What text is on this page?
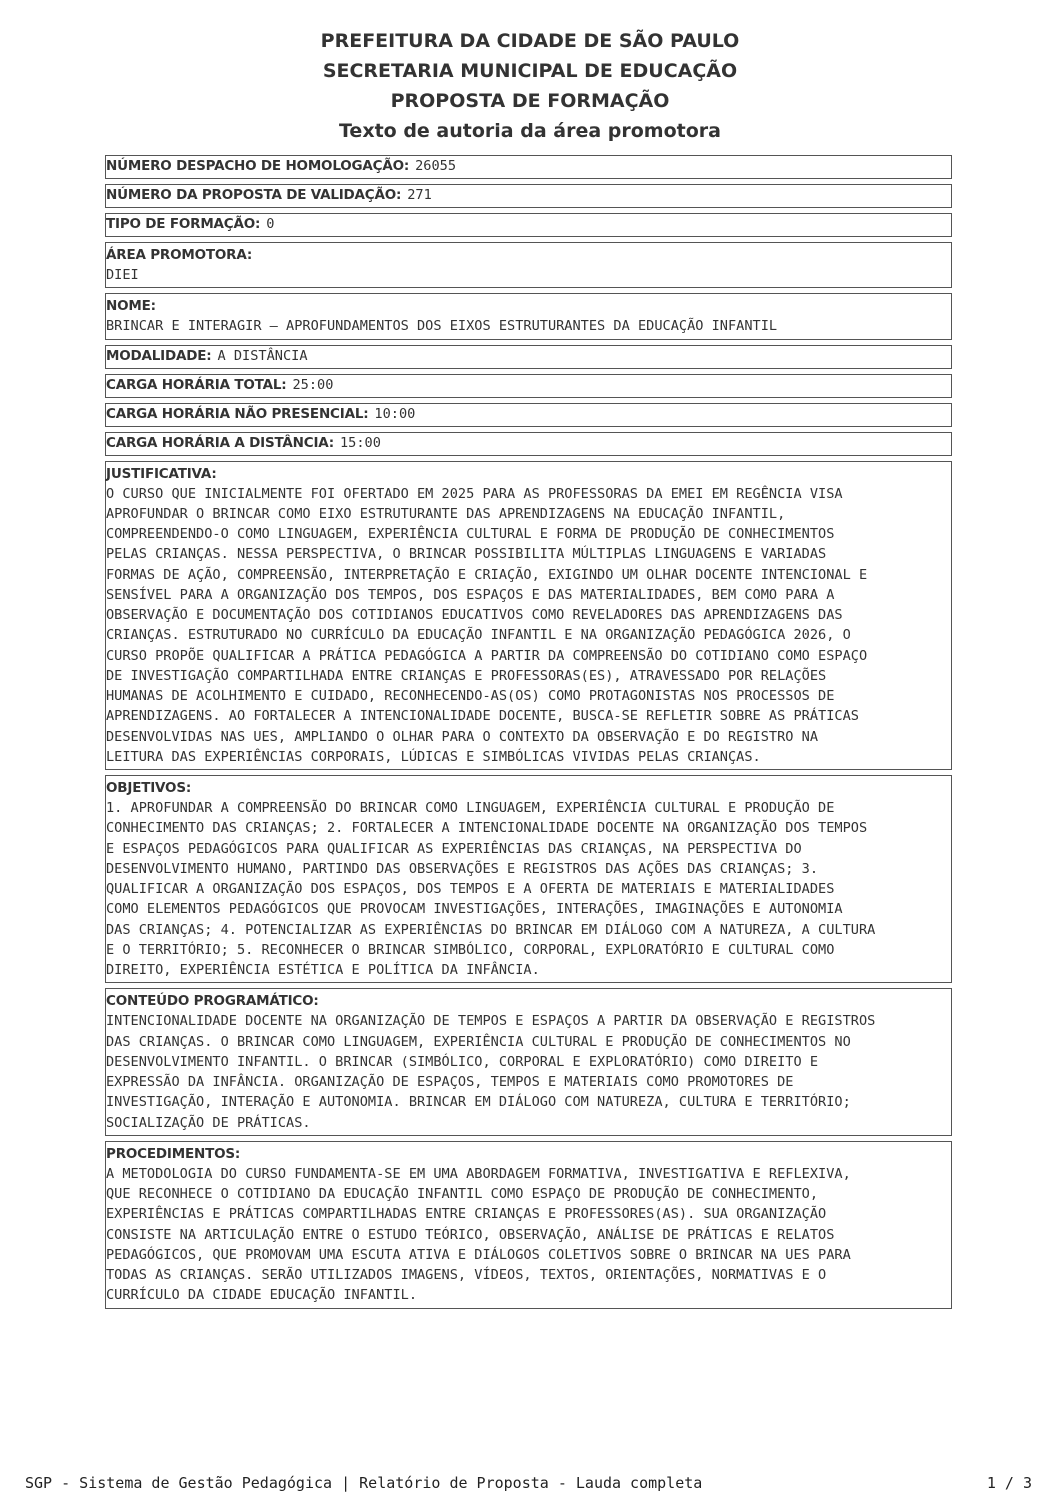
PREFEITURA DA CIDADE DE SÃO PAULO
SECRETARIA MUNICIPAL DE EDUCAÇÃO
PROPOSTA DE FORMAÇÃO
Texto de autoria da área promotora
NÚMERO DESPACHO DE HOMOLOGAÇÃO: 26055
NÚMERO DA PROPOSTA DE VALIDAÇÃO: 271
TIPO DE FORMAÇÃO: 0
ÁREA PROMOTORA:
DIEI
NOME:
BRINCAR E INTERAGIR – APROFUNDAMENTOS DOS EIXOS ESTRUTURANTES DA EDUCAÇÃO INFANTIL
MODALIDADE: A DISTÂNCIA
CARGA HORÁRIA TOTAL: 25:00
CARGA HORÁRIA NÃO PRESENCIAL: 10:00
CARGA HORÁRIA A DISTÂNCIA: 15:00
JUSTIFICATIVA:
O CURSO QUE INICIALMENTE FOI OFERTADO EM 2025 PARA AS PROFESSORAS DA EMEI EM REGÊNCIA VISA
APROFUNDAR O BRINCAR COMO EIXO ESTRUTURANTE DAS APRENDIZAGENS NA EDUCAÇÃO INFANTIL,
COMPREENDENDO-O COMO LINGUAGEM, EXPERIÊNCIA CULTURAL E FORMA DE PRODUÇÃO DE CONHECIMENTOS
PELAS CRIANÇAS. NESSA PERSPECTIVA, O BRINCAR POSSIBILITA MÚLTIPLAS LINGUAGENS E VARIADAS
FORMAS DE AÇÃO, COMPREENSÃO, INTERPRETAÇÃO E CRIAÇÃO, EXIGINDO UM OLHAR DOCENTE INTENCIONAL E
SENSÍVEL PARA A ORGANIZAÇÃO DOS TEMPOS, DOS ESPAÇOS E DAS MATERIALIDADES, BEM COMO PARA A
OBSERVAÇÃO E DOCUMENTAÇÃO DOS COTIDIANOS EDUCATIVOS COMO REVELADORES DAS APRENDIZAGENS DAS
CRIANÇAS. ESTRUTURADO NO CURRÍCULO DA EDUCAÇÃO INFANTIL E NA ORGANIZAÇÃO PEDAGÓGICA 2026, O
CURSO PROPÕE QUALIFICAR A PRÁTICA PEDAGÓGICA A PARTIR DA COMPREENSÃO DO COTIDIANO COMO ESPAÇO
DE INVESTIGAÇÃO COMPARTILHADA ENTRE CRIANÇAS E PROFESSORAS(ES), ATRAVESSADO POR RELAÇÕES
HUMANAS DE ACOLHIMENTO E CUIDADO, RECONHECENDO-AS(OS) COMO PROTAGONISTAS NOS PROCESSOS DE
APRENDIZAGENS. AO FORTALECER A INTENCIONALIDADE DOCENTE, BUSCA-SE REFLETIR SOBRE AS PRÁTICAS
DESENVOLVIDAS NAS UES, AMPLIANDO O OLHAR PARA O CONTEXTO DA OBSERVAÇÃO E DO REGISTRO NA
LEITURA DAS EXPERIÊNCIAS CORPORAIS, LÚDICAS E SIMBÓLICAS VIVIDAS PELAS CRIANÇAS.
OBJETIVOS:
1. APROFUNDAR A COMPREENSÃO DO BRINCAR COMO LINGUAGEM, EXPERIÊNCIA CULTURAL E PRODUÇÃO DE
CONHECIMENTO DAS CRIANÇAS; 2. FORTALECER A INTENCIONALIDADE DOCENTE NA ORGANIZAÇÃO DOS TEMPOS
E ESPAÇOS PEDAGÓGICOS PARA QUALIFICAR AS EXPERIÊNCIAS DAS CRIANÇAS, NA PERSPECTIVA DO
DESENVOLVIMENTO HUMANO, PARTINDO DAS OBSERVAÇÕES E REGISTROS DAS AÇÕES DAS CRIANÇAS; 3.
QUALIFICAR A ORGANIZAÇÃO DOS ESPAÇOS, DOS TEMPOS E A OFERTA DE MATERIAIS E MATERIALIDADES
COMO ELEMENTOS PEDAGÓGICOS QUE PROVOCAM INVESTIGAÇÕES, INTERAÇÕES, IMAGINAÇÕES E AUTONOMIA
DAS CRIANÇAS; 4. POTENCIALIZAR AS EXPERIÊNCIAS DO BRINCAR EM DIÁLOGO COM A NATUREZA, A CULTURA
E O TERRITÓRIO; 5. RECONHECER O BRINCAR SIMBÓLICO, CORPORAL, EXPLORATÓRIO E CULTURAL COMO
DIREITO, EXPERIÊNCIA ESTÉTICA E POLÍTICA DA INFÂNCIA.
CONTEÚDO PROGRAMÁTICO:
INTENCIONALIDADE DOCENTE NA ORGANIZAÇÃO DE TEMPOS E ESPAÇOS A PARTIR DA OBSERVAÇÃO E REGISTROS
DAS CRIANÇAS. O BRINCAR COMO LINGUAGEM, EXPERIÊNCIA CULTURAL E PRODUÇÃO DE CONHECIMENTOS NO
DESENVOLVIMENTO INFANTIL. O BRINCAR (SIMBÓLICO, CORPORAL E EXPLORATÓRIO) COMO DIREITO E
EXPRESSÃO DA INFÂNCIA. ORGANIZAÇÃO DE ESPAÇOS, TEMPOS E MATERIAIS COMO PROMOTORES DE
INVESTIGAÇÃO, INTERAÇÃO E AUTONOMIA. BRINCAR EM DIÁLOGO COM NATUREZA, CULTURA E TERRITÓRIO;
SOCIALIZAÇÃO DE PRÁTICAS.
PROCEDIMENTOS:
A METODOLOGIA DO CURSO FUNDAMENTA-SE EM UMA ABORDAGEM FORMATIVA, INVESTIGATIVA E REFLEXIVA,
QUE RECONHECE O COTIDIANO DA EDUCAÇÃO INFANTIL COMO ESPAÇO DE PRODUÇÃO DE CONHECIMENTO,
EXPERIÊNCIAS E PRÁTICAS COMPARTILHADAS ENTRE CRIANÇAS E PROFESSORES(AS). SUA ORGANIZAÇÃO
CONSISTE NA ARTICULAÇÃO ENTRE O ESTUDO TEÓRICO, OBSERVAÇÃO, ANÁLISE DE PRÁTICAS E RELATOS
PEDAGÓGICOS, QUE PROMOVAM UMA ESCUTA ATIVA E DIÁLOGOS COLETIVOS SOBRE O BRINCAR NA UES PARA
TODAS AS CRIANÇAS. SERÃO UTILIZADOS IMAGENS, VÍDEOS, TEXTOS, ORIENTAÇÕES, NORMATIVAS E O
CURRÍCULO DA CIDADE EDUCAÇÃO INFANTIL.
SGP - Sistema de Gestão Pedagógica | Relatório de Proposta - Lauda completa	1 / 3
